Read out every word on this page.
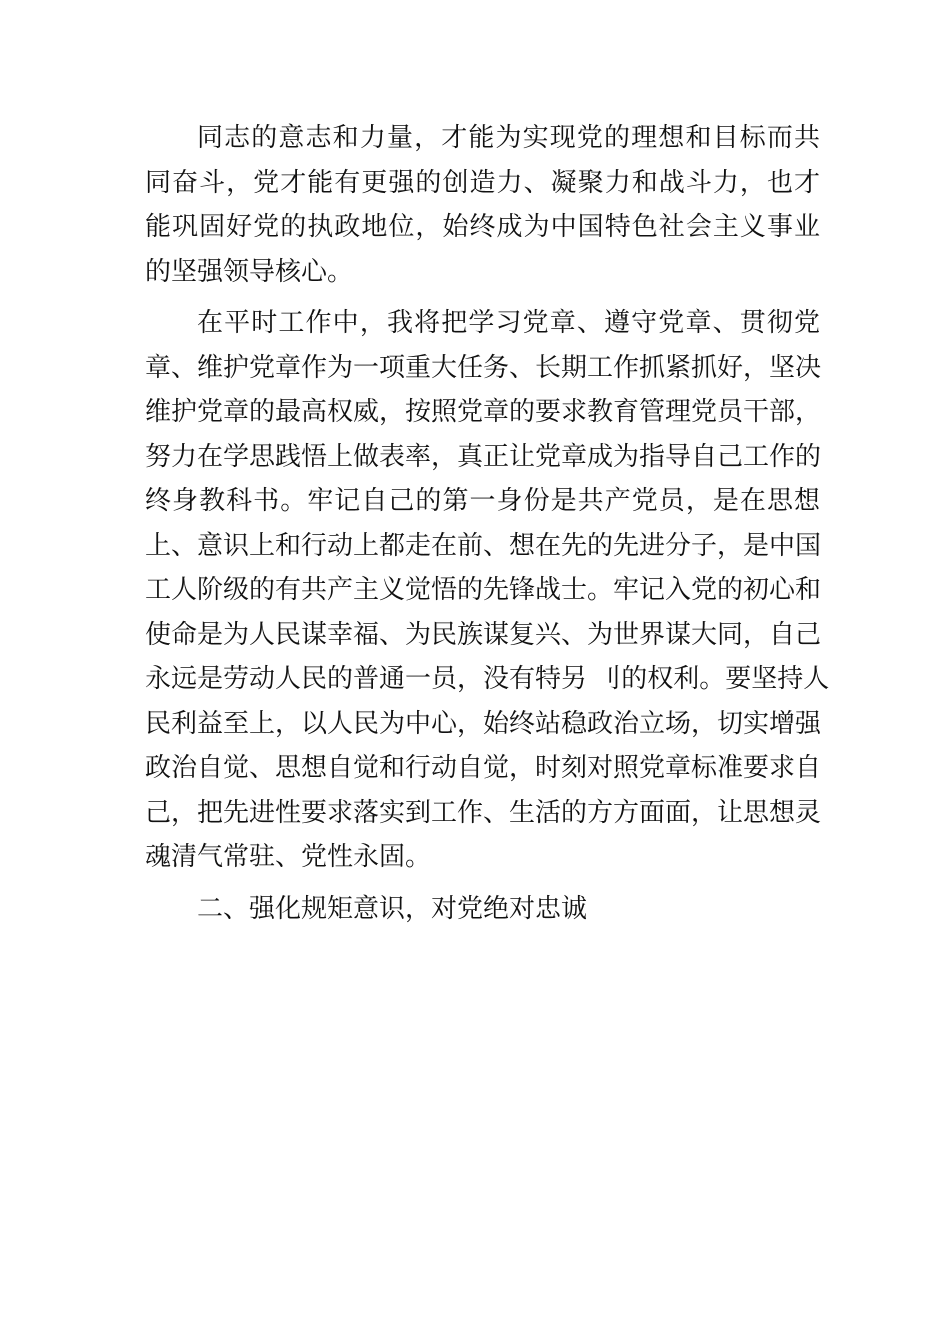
同志的意志和力量，才能为实现党的理想和目标而共
同奋斗，党才能有更强的创造力、凝聚力和战斗力，也才
能巩固好党的执政地位，始终成为中国特色社会主义事业
的坚强领导核心。
在平时工作中，我将把学习党章、遵守党章、贯彻党
章、维护党章作为一项重大任务、长期工作抓紧抓好，坚决
维护党章的最高权威，按照党章的要求教育管理党员干部，
努力在学思践悟上做表率，真正让党章成为指导自己工作的
终身教科书。牢记自己的第一身份是共产党员，是在思想
上、意识上和行动上都走在前、想在先的先进分子，是中国
工人阶级的有共产主义觉悟的先锋战士。牢记入党的初心和
使命是为人民谋幸福、为民族谋复兴、为世界谋大同，自己
永远是劳动人民的普通一员，没有特另 刂的权利。要坚持人
民利益至上，以人民为中心，始终站稳政治立场，切实增强
政治自觉、思想自觉和行动自觉，时刻对照党章标准要求自
己，把先进性要求落实到工作、生活的方方面面，让思想灵
魂清气常驻、党性永固。
二、强化规矩意识，对党绝对忠诚
